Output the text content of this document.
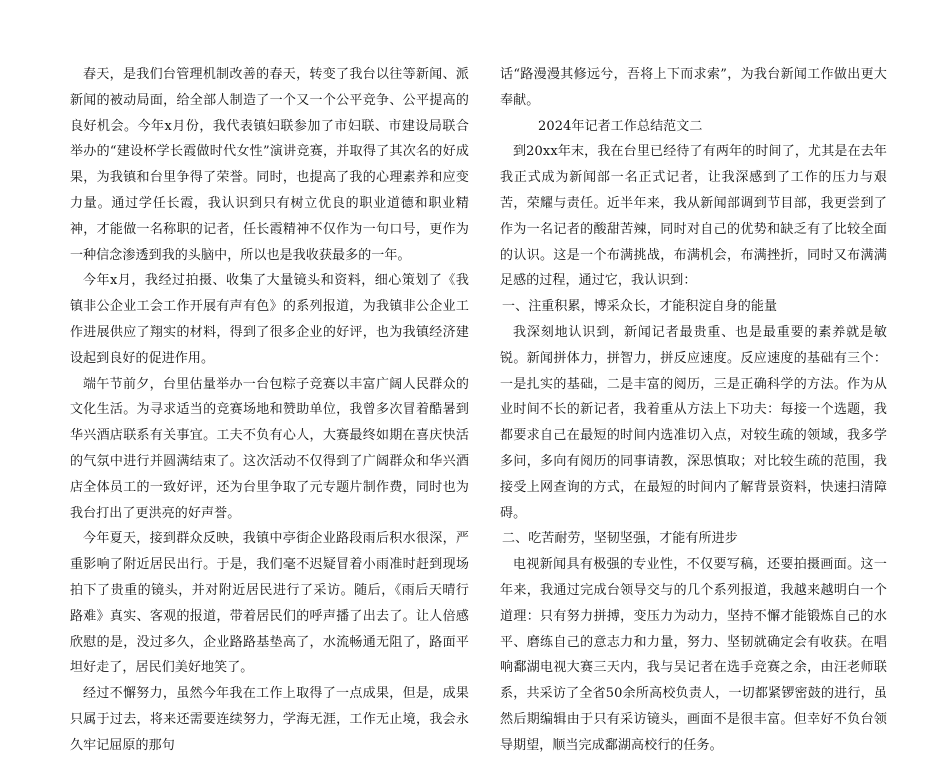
春天，是我们台管理机制改善的春天，转变了我台以往等新闻、派新闻的被动局面，给全部人制造了一个又一个公平竞争、公平提高的良好机会。今年x月份，我代表镇妇联参加了市妇联、市建设局联合举办的“建设杯学长霞做时代女性”演讲竞赛，并取得了其次名的好成果，为我镇和台里争得了荣誉。同时，也提高了我的心理素养和应变力量。通过学任长霞，我认识到只有树立优良的职业道德和职业精神，才能做一名称职的记者，任长霞精神不仅作为一句口号，更作为一种信念渗透到我的头脑中，所以也是我收获最多的一年。

今年x月，我经过拍摄、收集了大量镜头和资料，细心策划了《我镇非公企业工会工作开展有声有色》的系列报道，为我镇非公企业工作进展供应了翔实的材料，得到了很多企业的好评，也为我镇经济建设起到良好的促进作用。

端午节前夕，台里估量举办一台包粽子竞赛以丰富广阔人民群众的文化生活。为寻求适当的竞赛场地和赞助单位，我曾多次冒着酷暑到华兴酒店联系有关事宜。工夫不负有心人，大赛最终如期在喜庆快活的气氛中进行并圆满结束了。这次活动不仅得到了广阔群众和华兴酒店全体员工的一致好评，还为台里争取了元专题片制作费，同时也为我台打出了更洪亮的好声誉。

今年夏天，接到群众反映，我镇中亭街企业路段雨后积水很深，严重影响了附近居民出行。于是，我们毫不迟疑冒着小雨准时赶到现场拍下了贵重的镜头，并对附近居民进行了采访。随后，《雨后天晴行路难》真实、客观的报道，带着居民们的呼声播了出去了。让人倍感欣慰的是，没过多久，企业路路基垫高了，水流畅通无阻了，路面平坦好走了，居民们美好地笑了。

经过不懈努力，虽然今年我在工作上取得了一点成果，但是，成果只属于过去，将来还需要连续努力，学海无涯，工作无止境，我会永久牢记屈原的那句

话“路漫漫其修远兮，吾将上下而求索”，为我台新闻工作做出更大奉献。

2024年记者工作总结范文二

到20xx年末，我在台里已经待了有两年的时间了，尤其是在去年我正式成为新闻部一名正式记者，让我深感到了工作的压力与艰苦，荣耀与责任。近半年来，我从新闻部调到节目部，我更尝到了作为一名记者的酸甜苦辣，同时对自己的优势和缺乏有了比较全面的认识。这是一个布满挑战，布满机会，布满挫折，同时又布满满足感的过程，通过它，我认识到：

一、注重积累，博采众长，才能积淀自身的能量

我深刻地认识到，新闻记者最贵重、也是最重要的素养就是敏锐。新闻拼体力，拼智力，拼反应速度。反应速度的基础有三个：一是扎实的基础，二是丰富的阅历，三是正确科学的方法。作为从业时间不长的新记者，我着重从方法上下功夫：每接一个选题，我都要求自己在最短的时间内选准切入点，对较生疏的领域，我多学多问，多向有阅历的同事请教，深思慎取；对比较生疏的范围，我接受上网查询的方式，在最短的时间内了解背景资料，快速扫清障碍。

二、吃苦耐劳，坚韧坚强，才能有所进步

电视新闻具有极强的专业性，不仅要写稿，还要拍摄画面。这一年来，我通过完成台领导交与的几个系列报道，我越来越明白一个道理：只有努力拼搏，变压力为动力，坚持不懈才能锻炼自己的水平、磨练自己的意志力和力量，努力、坚韧就确定会有收获。在唱响鄱湖电视大赛三天内，我与吴记者在选手竞赛之余，由汪老师联系，共采访了全省50余所高校负责人，一切都紧锣密鼓的进行，虽然后期编辑由于只有采访镜头，画面不是很丰富。但幸好不负台领导期望，顺当完成鄱湖高校行的任务。
